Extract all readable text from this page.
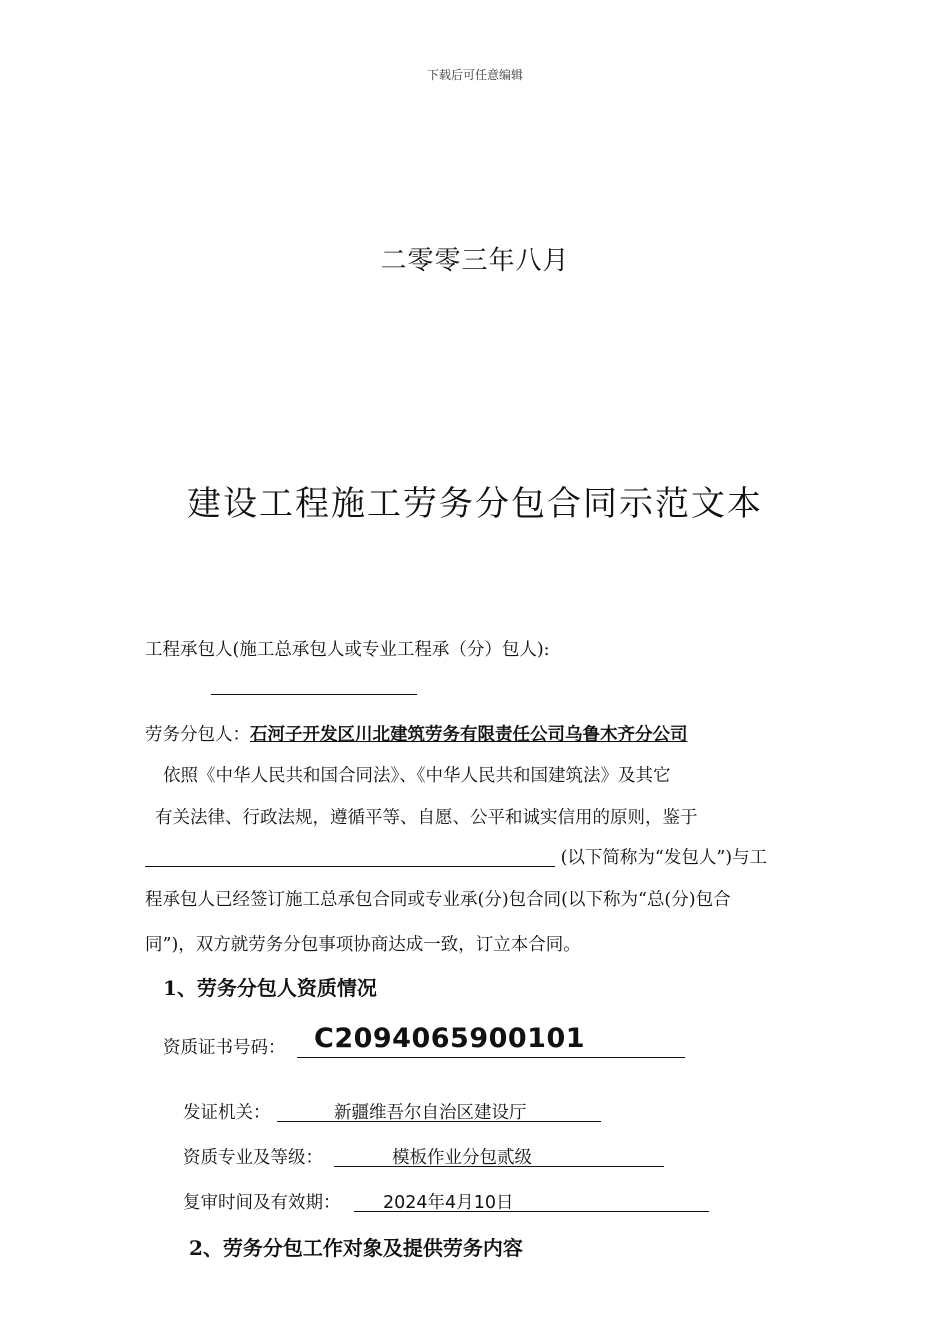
下载后可任意编辑
二零零三年八月
建设工程施工劳务分包合同示范文本
工程承包人(施工总承包人或专业工程承（分）包人):
劳务分包人：石河子开发区川北建筑劳务有限责任公司乌鲁木齐分公司
依照《中华人民共和国合同法》、《中华人民共和国建筑法》及其它
有关法律、行政法规，遵循平等、自愿、公平和诚实信用的原则，鉴于
(以下简称为“发包人”)与工
程承包人已经签订施工总承包合同或专业承(分)包合同(以下称为“总(分)包合
同”)，双方就劳务分包事项协商达成一致，订立本合同。
1、劳务分包人资质情况
资质证书号码： C2094065900101
发证机关：	新疆维吾尔自治区建设厅
资质专业及等级：	模板作业分包贰级
复审时间及有效期： 2024年4月10日
2、劳务分包工作对象及提供劳务内容
